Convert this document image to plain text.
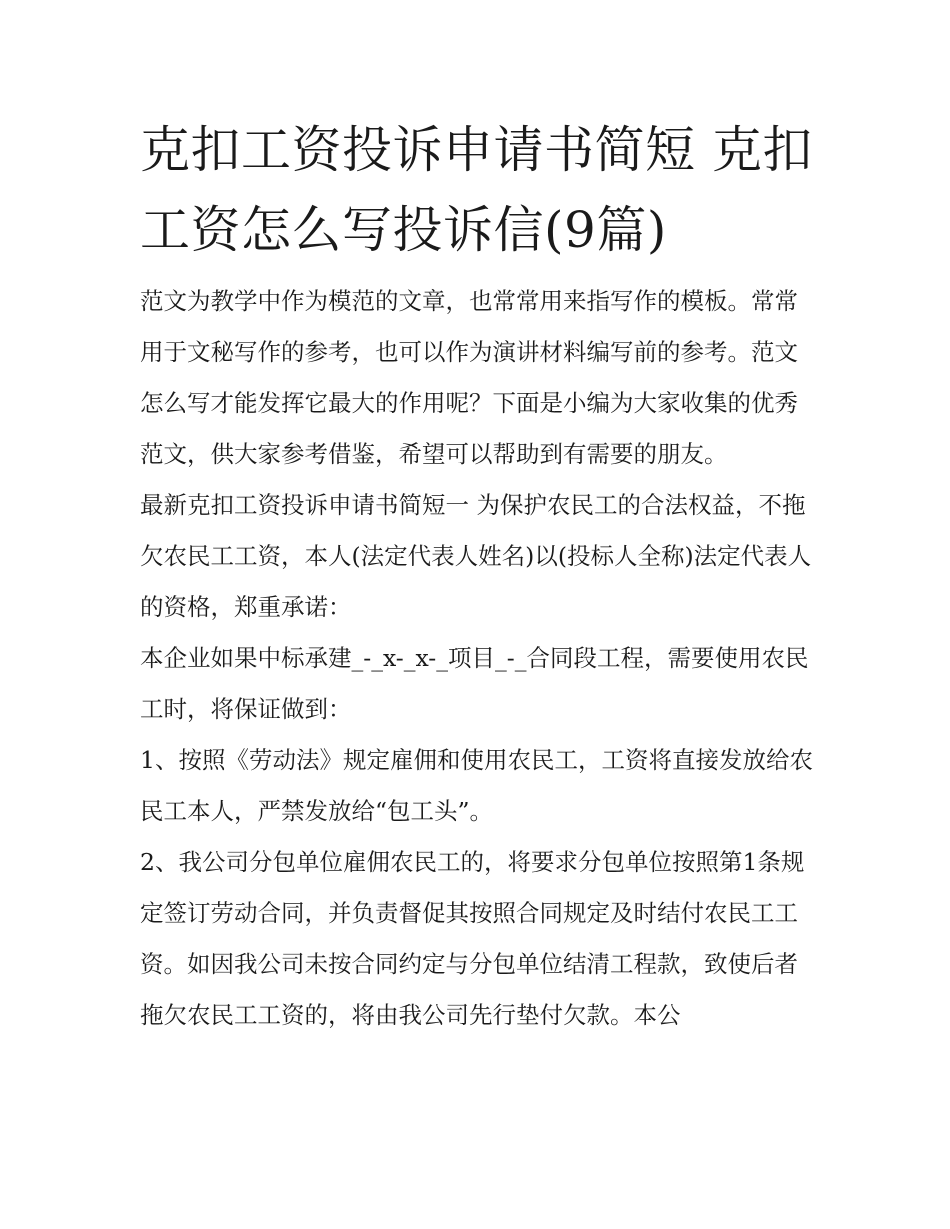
克扣工资投诉申请书简短 克扣工资怎么写投诉信(9篇)

范文为教学中作为模范的文章，也常常用来指写作的模板。常常用于文秘写作的参考，也可以作为演讲材料编写前的参考。范文怎么写才能发挥它最大的作用呢？下面是小编为大家收集的优秀范文，供大家参考借鉴，希望可以帮助到有需要的朋友。

最新克扣工资投诉申请书简短一 为保护农民工的合法权益，不拖欠农民工工资，本人(法定代表人姓名)以(投标人全称)法定代表人的资格，郑重承诺：

本企业如果中标承建_-_x-_x-_项目_-_合同段工程，需要使用农民工时，将保证做到：

1、按照《劳动法》规定雇佣和使用农民工，工资将直接发放给农民工本人，严禁发放给“包工头”。

2、我公司分包单位雇佣农民工的，将要求分包单位按照第1条规定签订劳动合同，并负责督促其按照合同规定及时结付农民工工资。如因我公司未按合同约定与分包单位结清工程款，致使后者拖欠农民工工资的，将由我公司先行垫付欠款。本公
